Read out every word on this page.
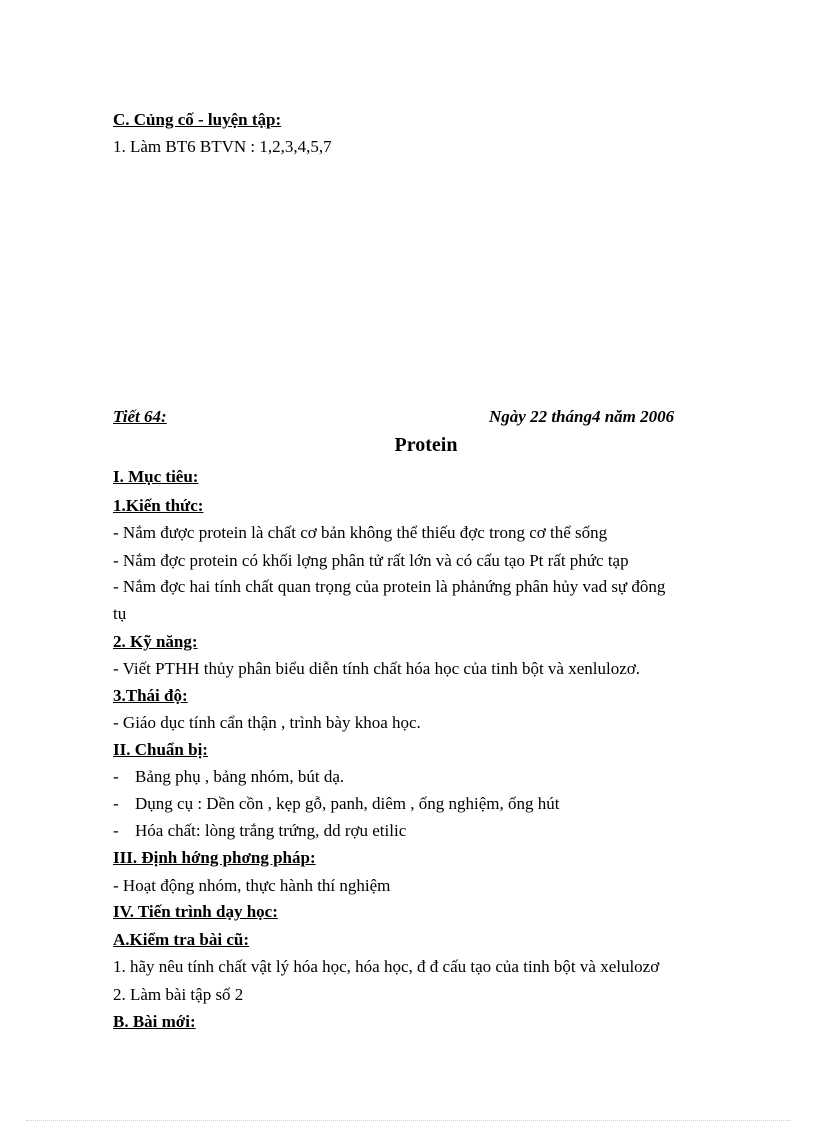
C. Củng cố - luyện tập:
1. Làm BT6 BTVN : 1,2,3,4,5,7
Tiết 64:	Ngày 22 tháng4 năm 2006
Protein
I. Mục tiêu:
1.Kiến thức:
- Nắm được protein là chất cơ bản không thể thiếu đợc trong cơ thể sống
- Nắm đợc protein có khối lợng phân tử rất lớn và có cấu tạo Pt rất phức tạp
- Nắm đợc hai tính chất quan trọng của protein là phảnứng phân hủy vad sự đông
tụ
2. Kỹ năng:
- Viết PTHH thủy phân biểu diễn tính chất hóa học của tinh bột và xenlulozơ.
3.Thái độ:
- Giáo dục tính cẩn thận , trình bày khoa học.
II. Chuẩn bị:
- Bảng phụ , bảng nhóm, bút dạ.
- Dụng cụ : Dền cồn , kẹp gỗ, panh, diêm , ống nghiệm, ống hút
- Hóa chất: lòng trắng trứng, dd rợu etilic
III. Định hớng phơng pháp:
- Hoạt động nhóm, thực hành thí nghiệm
IV. Tiến trình dạy học:
A.Kiểm tra bài cũ:
1. hãy nêu tính chất vật lý hóa học, hóa học, đ đ cấu tạo của tinh bột và xelulozơ
2. Làm bài tập số 2
B. Bài mới:
